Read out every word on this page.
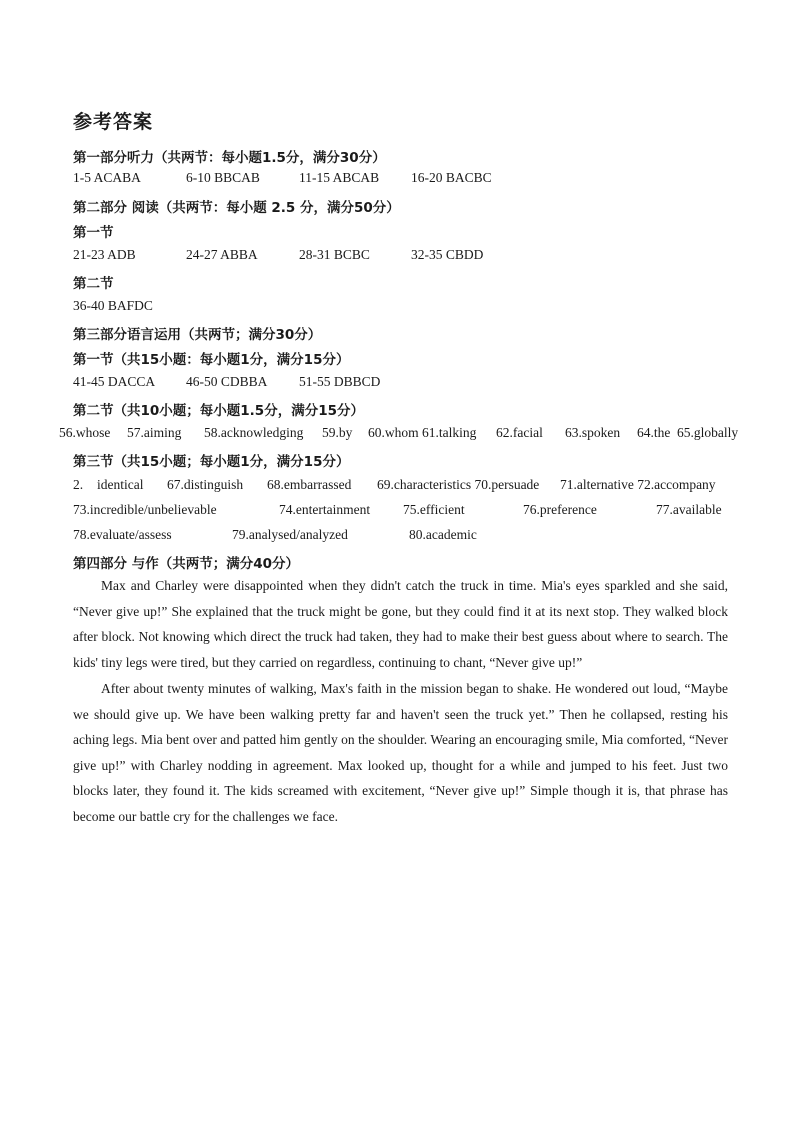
参考答案
第一部分听力（共两节：每小题1.5分，满分30分）
1-5 ACABA	6-10 BBCAB	11-15 ABCAB 16-20 BACBC
第二部分 阅读（共两节：每小题 2.5 分，满分50分）
第一节
21-23 ADB	24-27 ABBA	28-31 BCBC	32-35 CBDD
第二节
36-40 BAFDC
第三部分语言运用（共两节；满分30分）
第一节（共15小题：每小题1分，满分15分）
41-45 DACCA 46-50 CDBBA 51-55 DBBCD
第二节（共10小题；每小题1.5分，满分15分）
56.whose 57.aiming 58.acknowledging 59.by 60.whom 61.talking 62.facial 63.spoken 64.the 65.globally
第三节（共15小题；每小题1分，满分15分）
2. identical 67.distinguish 68.embarrassed 69.characteristics 70.persuade 71.alternative 72.accompany
73.incredible/unbelievable	74.entertainment 75.efficient	76.preference	77.available
78.evaluate/assess	79.analysed/analyzed	80.academic
第四部分 与作（共两节；满分40分）
Max and Charley were disappointed when they didn't catch the truck in time. Mia's eyes sparkled and she said, “Never give up!” She explained that the truck might be gone, but they could find it at its next stop. They walked block after block. Not knowing which direct the truck had taken, they had to make their best guess about where to search. The kids' tiny legs were tired, but they carried on regardless, continuing to chant, “Never give up!”
After about twenty minutes of walking, Max's faith in the mission began to shake. He wondered out loud, “Maybe we should give up. We have been walking pretty far and haven't seen the truck yet.” Then he collapsed, resting his aching legs. Mia bent over and patted him gently on the shoulder. Wearing an encouraging smile, Mia comforted, “Never give up!” with Charley nodding in agreement. Max looked up, thought for a while and jumped to his feet. Just two blocks later, they found it. The kids screamed with excitement, “Never give up!” Simple though it is, that phrase has become our battle cry for the challenges we face.
